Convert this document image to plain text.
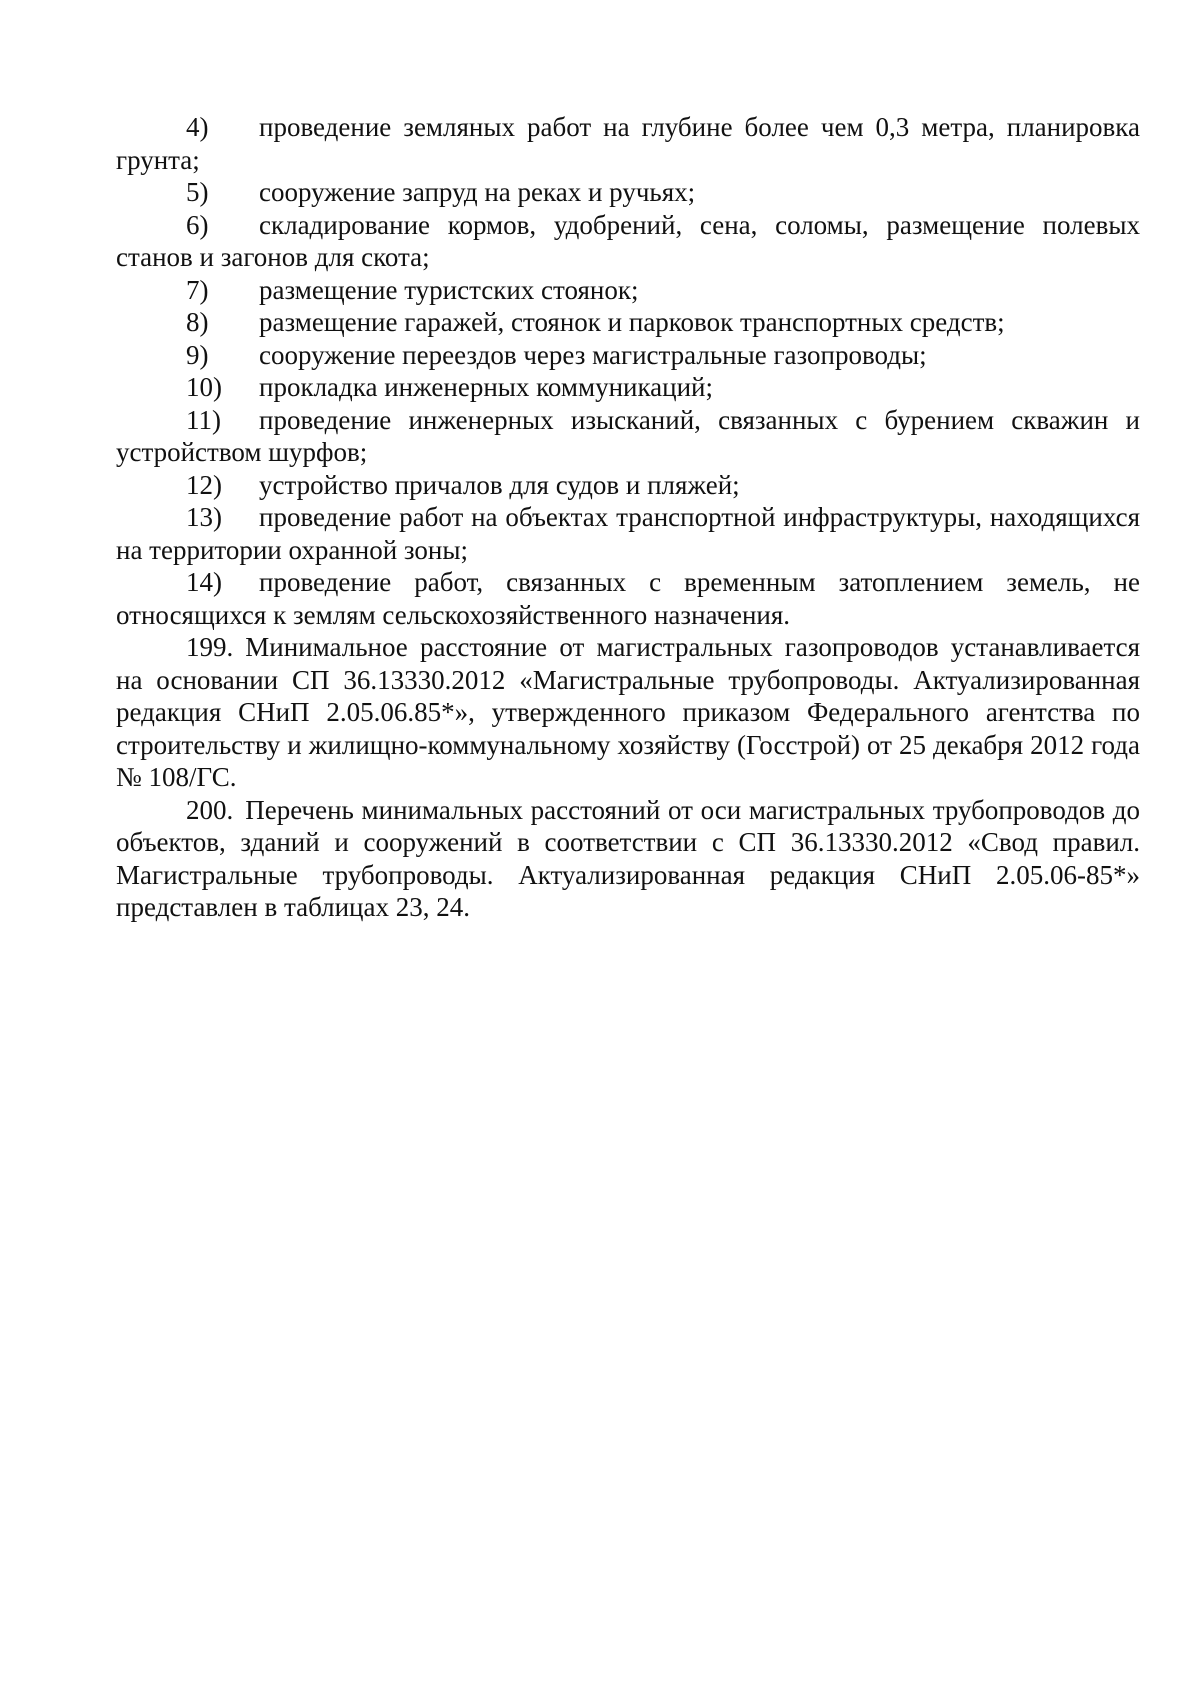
4) проведение земляных работ на глубине более чем 0,3 метра, планировка грунта;

5) сооружение запруд на реках и ручьях;

6) складирование кормов, удобрений, сена, соломы, размещение полевых станов и загонов для скота;

7) размещение туристских стоянок;

8) размещение гаражей, стоянок и парковок транспортных средств;

9) сооружение переездов через магистральные газопроводы;

10) прокладка инженерных коммуникаций;

11) проведение инженерных изысканий, связанных с бурением скважин и устройством шурфов;

12) устройство причалов для судов и пляжей;

13) проведение работ на объектах транспортной инфраструктуры, находящихся на территории охранной зоны;

14) проведение работ, связанных с временным затоплением земель, не относящихся к землям сельскохозяйственного назначения.

199. Минимальное расстояние от магистральных газопроводов устанавливается на основании СП 36.13330.2012 «Магистральные трубопроводы. Актуализированная редакция СНиП 2.05.06.85*», утвержденного приказом Федерального агентства по строительству и жилищно-коммунальному хозяйству (Госстрой) от 25 декабря 2012 года № 108/ГС.

200. Перечень минимальных расстояний от оси магистральных трубопроводов до объектов, зданий и сооружений в соответствии с СП 36.13330.2012 «Свод правил. Магистральные трубопроводы. Актуализированная редакция СНиП 2.05.06-85*» представлен в таблицах 23, 24.
